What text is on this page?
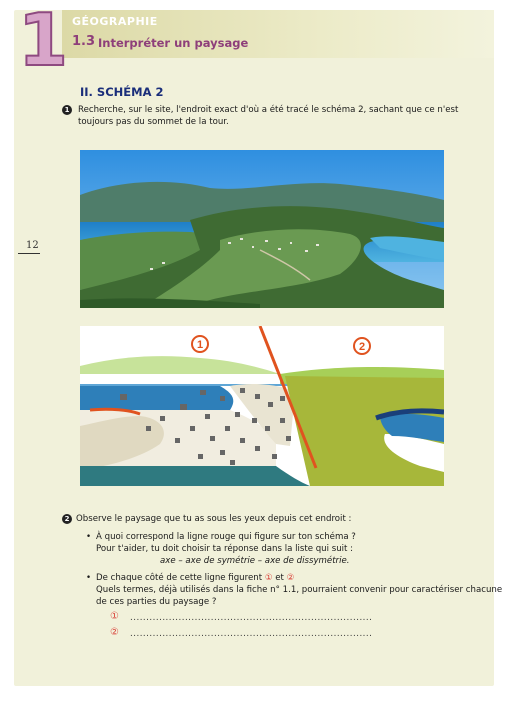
1 GÉOGRAPHIE
1.3 Interpréter un paysage
12
II. SCHÉMA 2
1 Recherche, sur le site, l'endroit exact d'où a été tracé le schéma 2, sachant que ce n'est

toujours pas du sommet de la tour.

1	2
2 Observe le paysage que tu as sous les yeux depuis cet endroit :
• À quoi correspond la ligne rouge qui figure sur ton schéma ?
Pour t'aider, tu doit choisir ta réponse dans la liste qui suit :
axe – axe de symétrie – axe de dissymétrie.
• De chaque côté de cette ligne figurent ① et ②
Quels termes, déjà utilisés dans la fiche n° 1.1, pourraient convenir pour caractériser chacune
de ces parties du paysage ?
① ...........................................................................
② ...........................................................................
